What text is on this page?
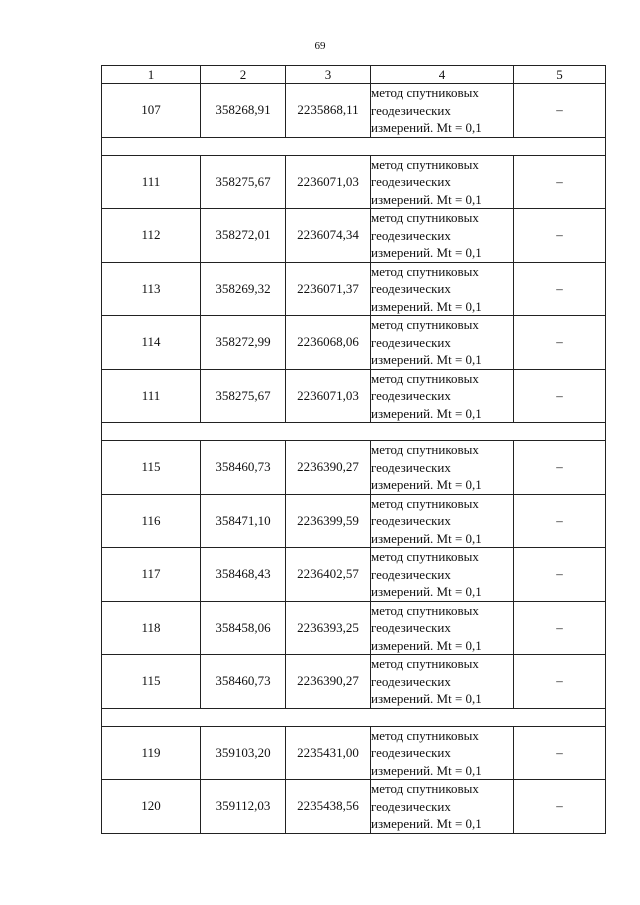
69
1	2	3	4	5
107	358268,91	2235868,11	метод спутниковых
геодезических
измерений. Mt = 0,1	–

111	358275,67	2236071,03	метод спутниковых
геодезических
измерений. Mt = 0,1	–
112	358272,01	2236074,34	метод спутниковых
геодезических
измерений. Mt = 0,1	–
113	358269,32	2236071,37	метод спутниковых
геодезических
измерений. Mt = 0,1	–
114	358272,99	2236068,06	метод спутниковых
геодезических
измерений. Mt = 0,1	–
111	358275,67	2236071,03	метод спутниковых
геодезических
измерений. Mt = 0,1	–

115	358460,73	2236390,27	метод спутниковых
геодезических
измерений. Mt = 0,1	–
116	358471,10	2236399,59	метод спутниковых
геодезических
измерений. Mt = 0,1	–
117	358468,43	2236402,57	метод спутниковых
геодезических
измерений. Mt = 0,1	–
118	358458,06	2236393,25	метод спутниковых
геодезических
измерений. Mt = 0,1	–
115	358460,73	2236390,27	метод спутниковых
геодезических
измерений. Mt = 0,1	–

119	359103,20	2235431,00	метод спутниковых
геодезических
измерений. Mt = 0,1	–
120	359112,03	2235438,56	метод спутниковых
геодезических
измерений. Mt = 0,1	–
